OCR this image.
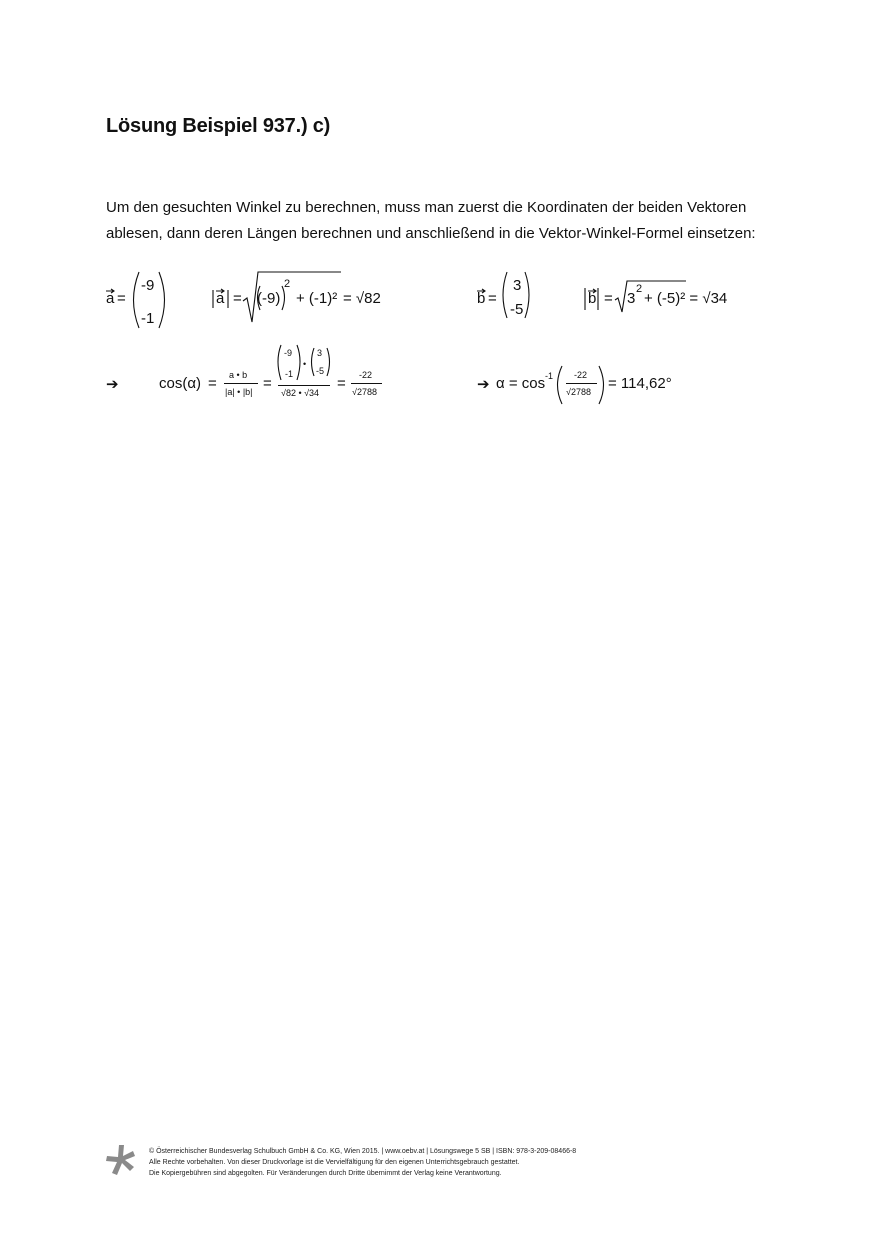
Lösung Beispiel 937.) c)
Um den gesuchten Winkel zu berechnen, muss man zuerst die Koordinaten der beiden Vektoren
ablesen, dann deren Längen berechnen und anschließend in die Vektor-Winkel-Formel einsetzen:
a =
-9
-1
a = (-9)
2
+ (-1)² = √82	b =
3
-5
b = 3
2
+ (-5)² = √34
➔	cos(α) = a • b
|a| • |b| =
-9
-1
•
3
-5
√82 • √34
= -22
√2788	➔ α = cos -1 -22
√2788 = 114,62°
© Österreichischer Bundesverlag Schulbuch GmbH & Co. KG, Wien 2015. | www.oebv.at | Lösungswege 5 SB | ISBN: 978-3-209-08466-8
Alle Rechte vorbehalten. Von dieser Druckvorlage ist die Vervielfältigung für den eigenen Unterrichtsgebrauch gestattet.
Die Kopiergebühren sind abgegolten. Für Veränderungen durch Dritte übernimmt der Verlag keine Verantwortung.
